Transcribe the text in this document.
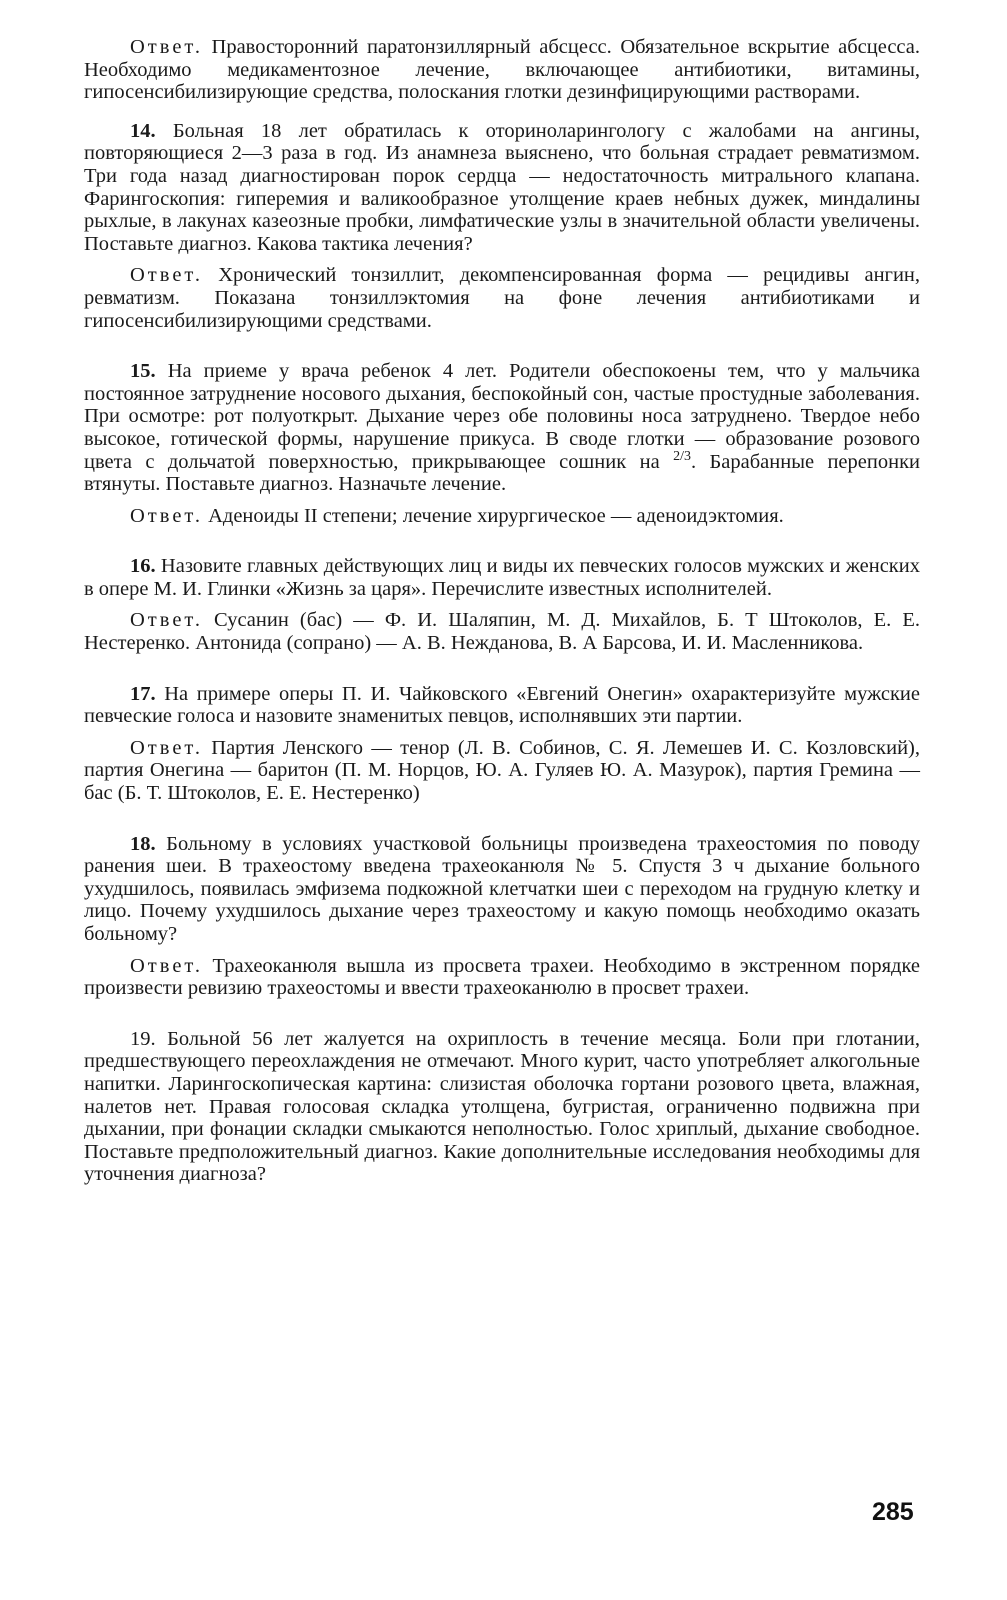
Ответ. Правосторонний паратонзиллярный абсцесс. Обязательное вскрытие абсцесса. Необходимо медикаментозное лечение, включающее антибиотики, витамины, гипосенсибилизирующие средства, полоскания глотки дезинфицирующими растворами.

14. Больная 18 лет обратилась к оториноларингологу с жалобами на ангины, повторяющиеся 2—3 раза в год. Из анамнеза выяснено, что больная страдает ревматизмом. Три года назад диагностирован порок сердца — недостаточность митрального клапана. Фарингоскопия: гиперемия и валикообразное утолщение краев небных дужек, миндалины рыхлые, в лакунах казеозные пробки, лимфатические узлы в значительной области увеличены. Поставьте диагноз. Какова тактика лечения?

Ответ. Хронический тонзиллит, декомпенсированная форма — рецидивы ангин, ревматизм. Показана тонзиллэктомия на фоне лечения антибиотиками и гипосенсибилизирующими средствами.

15. На приеме у врача ребенок 4 лет. Родители обеспокоены тем, что у мальчика постоянное затруднение носового дыхания, беспокойный сон, частые простудные заболевания. При осмотре: рот полуоткрыт. Дыхание через обе половины носа затруднено. Твердое небо высокое, готической формы, нарушение прикуса. В своде глотки — образование розового цвета с дольчатой поверхностью, прикрывающее сошник на $^{2/3}$. Барабанные перепонки втянуты. Поставьте диагноз. Назначьте лечение.

Ответ. Аденоиды II степени; лечение хирургическое — аденоидэктомия.

16. Назовите главных действующих лиц и виды их певческих голосов мужских и женских в опере М. И. Глинки «Жизнь за царя». Перечислите известных исполнителей.

Ответ. Сусанин (бас) — Ф. И. Шаляпин, М. Д. Михайлов, Б. Т Штоколов, Е. Е. Нестеренко. Антонида (сопрано) — А. В. Нежданова, В. А Барсова, И. И. Масленникова.

17. На примере оперы П. И. Чайковского «Евгений Онегин» охарактеризуйте мужские певческие голоса и назовите знаменитых певцов, исполнявших эти партии.

Ответ. Партия Ленского — тенор (Л. В. Собинов, С. Я. Лемешев И. С. Козловский), партия Онегина — баритон (П. М. Норцов, Ю. А. Гуляев Ю. А. Мазурок), партия Гремина — бас (Б. Т. Штоколов, Е. Е. Нестеренко)

18. Больному в условиях участковой больницы произведена трахеостомия по поводу ранения шеи. В трахеостому введена трахеоканюля № 5. Спустя 3 ч дыхание больного ухудшилось, появилась эмфизема подкожной клетчатки шеи с переходом на грудную клетку и лицо. Почему ухудшилось дыхание через трахеостому и какую помощь необходимо оказать больному?

Ответ. Трахеоканюля вышла из просвета трахеи. Необходимо в экстренном порядке произвести ревизию трахеостомы и ввести трахеоканюлю в просвет трахеи.

19. Больной 56 лет жалуется на охриплость в течение месяца. Боли при глотании, предшествующего переохлаждения не отмечают. Много курит, часто употребляет алкогольные напитки. Ларингоскопическая картина: слизистая оболочка гортани розового цвета, влажная, налетов нет. Правая голосовая складка утолщена, бугристая, ограниченно подвижна при дыхании, при фонации складки смыкаются неполностью. Голос хриплый, дыхание свободное. Поставьте предположительный диагноз. Какие дополнительные исследования необходимы для уточнения диагноза?

285
